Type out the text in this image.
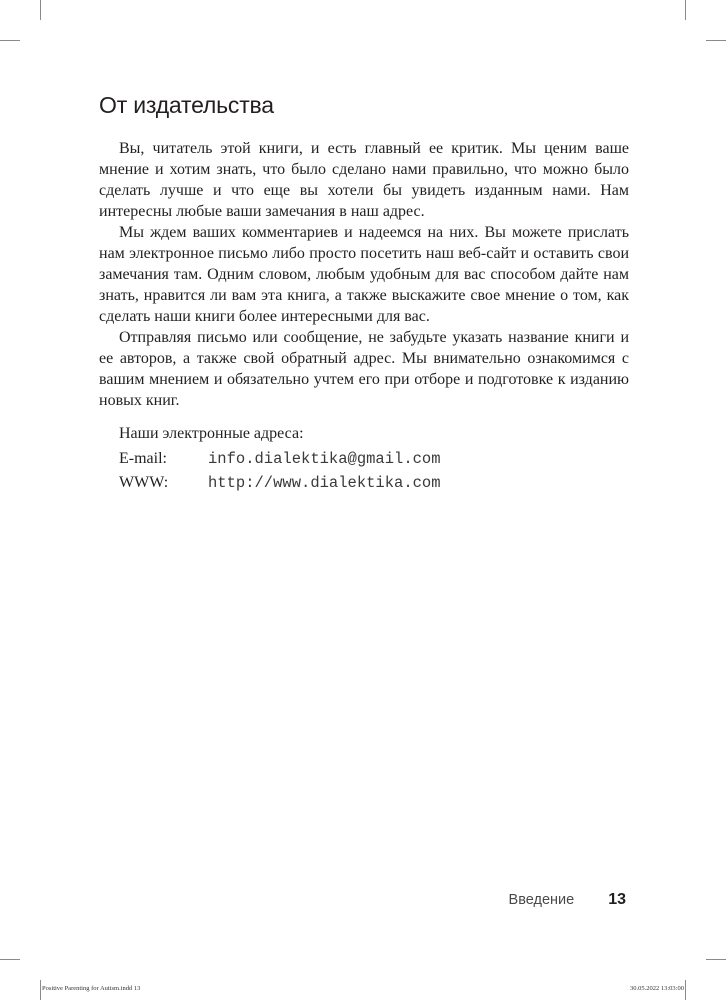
От издательства

Вы, читатель этой книги, и есть главный ее критик. Мы ценим ваше мнение и хотим знать, что было сделано нами правильно, что можно было сделать лучше и что еще вы хотели бы увидеть изданным нами. Нам интересны любые ваши замечания в наш адрес.

Мы ждем ваших комментариев и надеемся на них. Вы можете прислать нам электронное письмо либо просто посетить наш веб-сайт и оставить свои замечания там. Одним словом, любым удобным для вас способом дайте нам знать, нравится ли вам эта книга, а также выскажите свое мнение о том, как сделать наши книги более интересными для вас.

Отправляя письмо или сообщение, не забудьте указать название книги и ее авторов, а также свой обратный адрес. Мы внимательно ознакомимся с вашим мнением и обязательно учтем его при отборе и подготовке к изданию новых книг.

Наши электронные адреса:
E-mail:	info.dialektika@gmail.com
WWW:	http://www.dialektika.com
Введение 13
Positive Parenting for Autism.indd 13	30.05.2022 13:03:00
